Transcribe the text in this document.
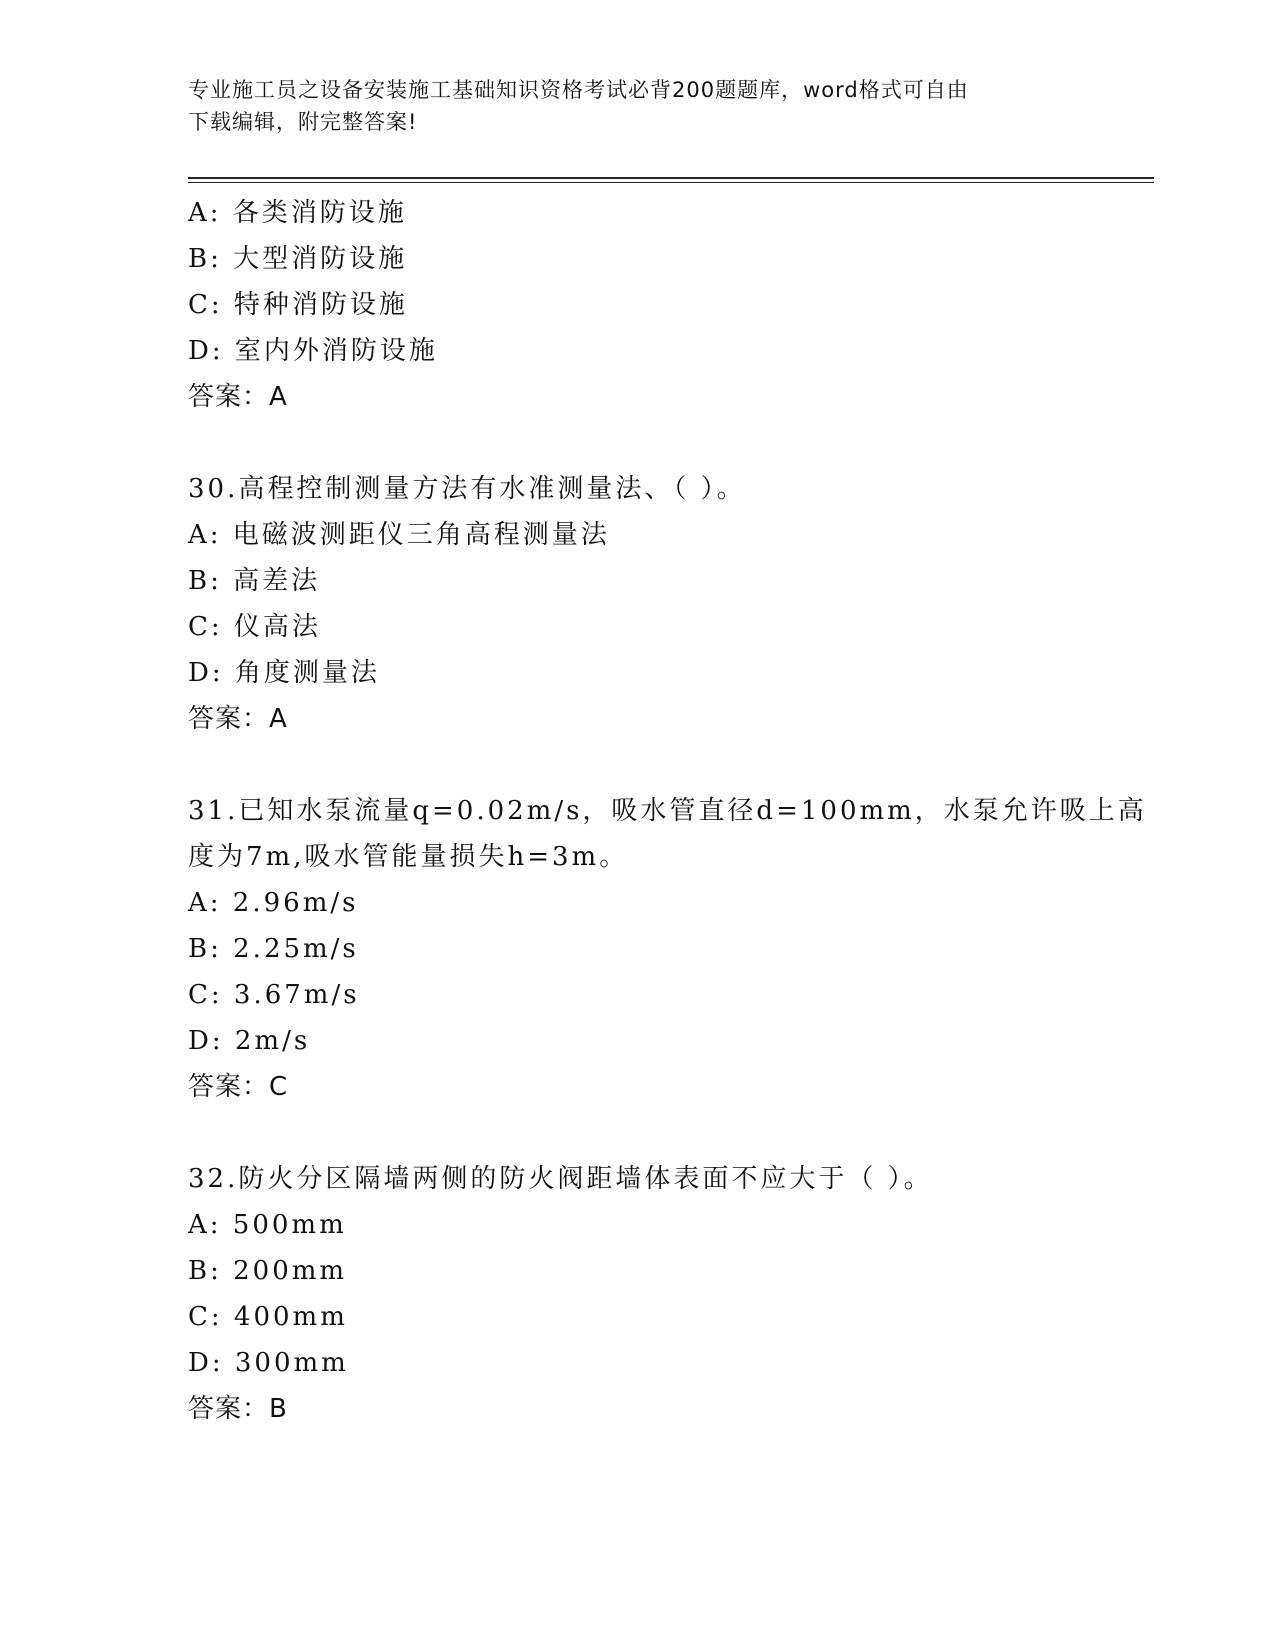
专业施工员之设备安装施工基础知识资格考试必背200题题库，word格式可自由
下载编辑，附完整答案!
A: 各类消防设施
B: 大型消防设施
C: 特种消防设施
D: 室内外消防设施
答案：A
30.高程控制测量方法有水准测量法、（ ）。
A: 电磁波测距仪三角高程测量法
B: 高差法
C: 仪高法
D: 角度测量法
答案：A
31.已知水泵流量q=0.02m/s，吸水管直径d=100mm，水泵允许吸上高
度为7m,吸水管能量损失h=3m。
A: 2.96m/s
B: 2.25m/s
C: 3.67m/s
D: 2m/s
答案：C
32.防火分区隔墙两侧的防火阀距墙体表面不应大于（ ）。
A: 500mm
B: 200mm
C: 400mm
D: 300mm
答案：B
